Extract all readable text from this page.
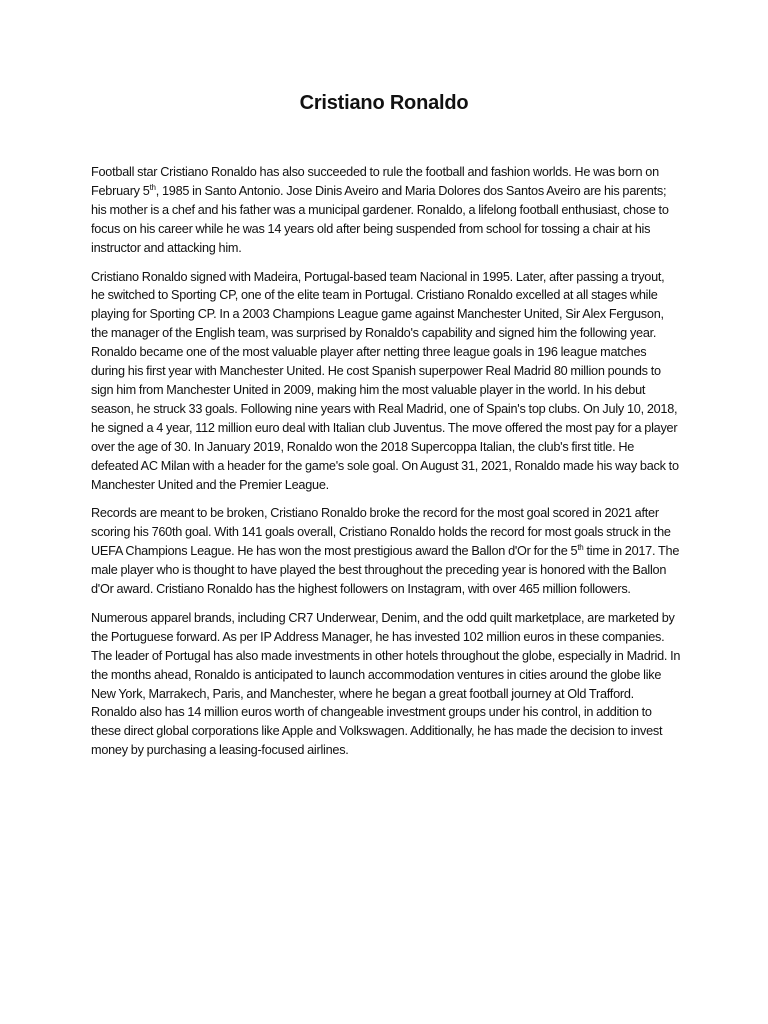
Cristiano Ronaldo

Football star Cristiano Ronaldo has also succeeded to rule the football and fashion worlds. He was born on February 5th, 1985 in Santo Antonio. Jose Dinis Aveiro and Maria Dolores dos Santos Aveiro are his parents; his mother is a chef and his father was a municipal gardener. Ronaldo, a lifelong football enthusiast, chose to focus on his career while he was 14 years old after being suspended from school for tossing a chair at his instructor and attacking him.

Cristiano Ronaldo signed with Madeira, Portugal-based team Nacional in 1995. Later, after passing a tryout, he switched to Sporting CP, one of the elite team in Portugal. Cristiano Ronaldo excelled at all stages while playing for Sporting CP. In a 2003 Champions League game against Manchester United, Sir Alex Ferguson, the manager of the English team, was surprised by Ronaldo's capability and signed him the following year. Ronaldo became one of the most valuable player after netting three league goals in 196 league matches during his first year with Manchester United. He cost Spanish superpower Real Madrid 80 million pounds to sign him from Manchester United in 2009, making him the most valuable player in the world. In his debut season, he struck 33 goals. Following nine years with Real Madrid, one of Spain's top clubs. On July 10, 2018, he signed a 4 year, 112 million euro deal with Italian club Juventus. The move offered the most pay for a player over the age of 30. In January 2019, Ronaldo won the 2018 Supercoppa Italian, the club's first title. He defeated AC Milan with a header for the game's sole goal. On August 31, 2021, Ronaldo made his way back to Manchester United and the Premier League.

Records are meant to be broken, Cristiano Ronaldo broke the record for the most goal scored in 2021 after scoring his 760th goal. With 141 goals overall, Cristiano Ronaldo holds the record for most goals struck in the UEFA Champions League. He has won the most prestigious award the Ballon d'Or for the 5th time in 2017. The male player who is thought to have played the best throughout the preceding year is honored with the Ballon d'Or award. Cristiano Ronaldo has the highest followers on Instagram, with over 465 million followers.

Numerous apparel brands, including CR7 Underwear, Denim, and the odd quilt marketplace, are marketed by the Portuguese forward. As per IP Address Manager, he has invested 102 million euros in these companies. The leader of Portugal has also made investments in other hotels throughout the globe, especially in Madrid. In the months ahead, Ronaldo is anticipated to launch accommodation ventures in cities around the globe like New York, Marrakech, Paris, and Manchester, where he began a great football journey at Old Trafford. Ronaldo also has 14 million euros worth of changeable investment groups under his control, in addition to these direct global corporations like Apple and Volkswagen. Additionally, he has made the decision to invest money by purchasing a leasing-focused airlines.
